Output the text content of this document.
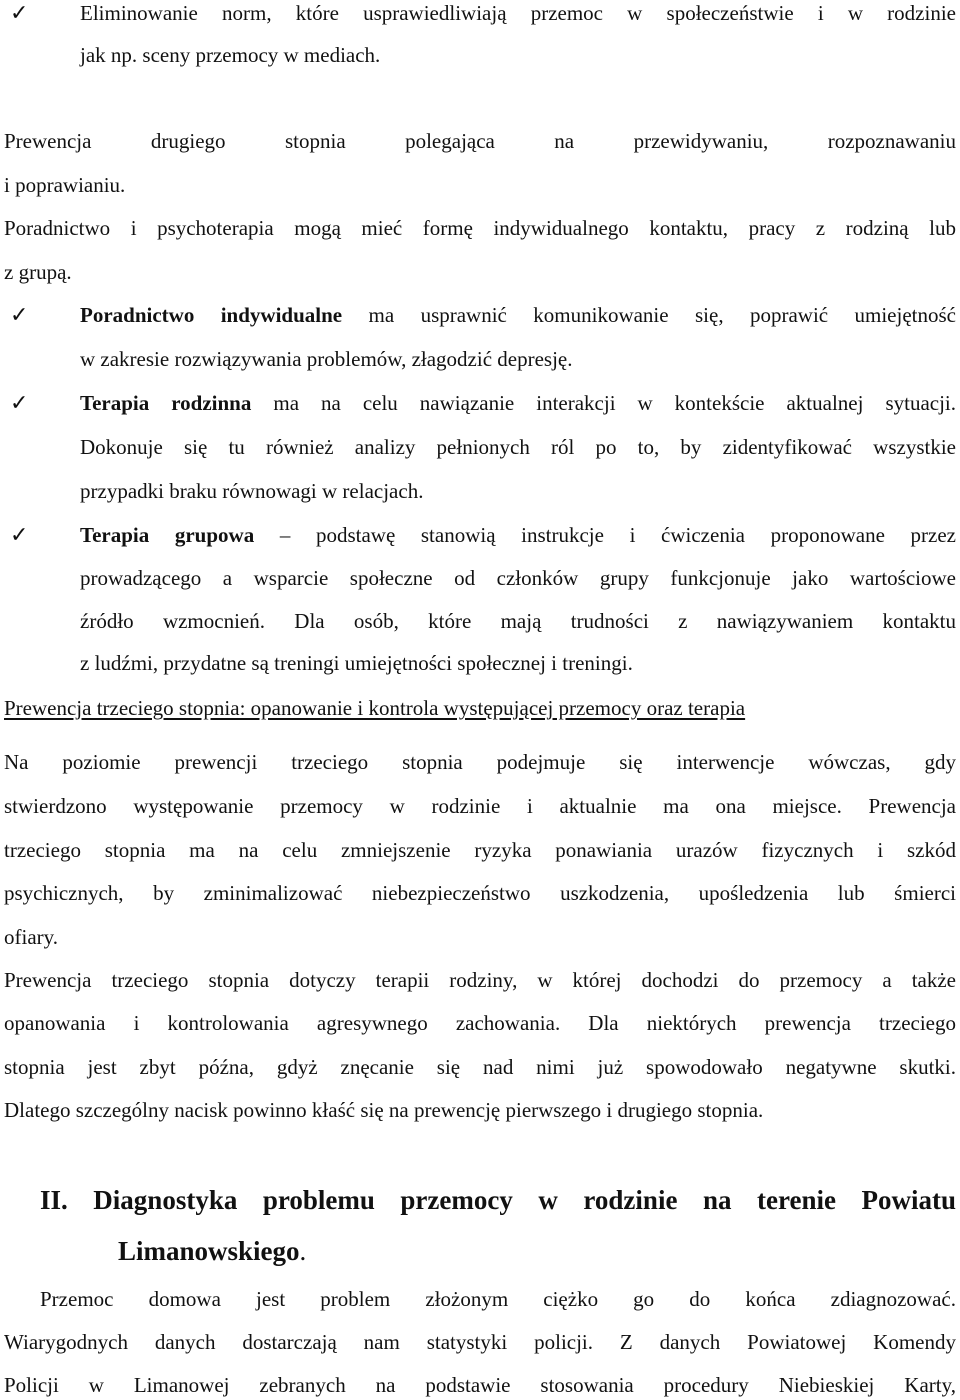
✓ Eliminowanie norm, które usprawiedliwiają przemoc w społeczeństwie i w rodzinie
jak np. sceny przemocy w mediach.
Prewencja drugiego stopnia polegająca na przewidywaniu, rozpoznawaniu
i poprawianiu.
Poradnictwo i psychoterapia mogą mieć formę indywidualnego kontaktu, pracy z rodziną lub
z grupą.
✓ Poradnictwo indywidualne ma usprawnić komunikowanie się, poprawić umiejętność
w zakresie rozwiązywania problemów, złagodzić depresję.
✓ Terapia rodzinna ma na celu nawiązanie interakcji w kontekście aktualnej sytuacji.
Dokonuje się tu również analizy pełnionych ról po to, by zidentyfikować wszystkie
przypadki braku równowagi w relacjach.
✓ Terapia grupowa – podstawę stanowią instrukcje i ćwiczenia proponowane przez
prowadzącego a wsparcie społeczne od członków grupy funkcjonuje jako wartościowe
źródło wzmocnień. Dla osób, które mają trudności z nawiązywaniem kontaktu
z ludźmi, przydatne są treningi umiejętności społecznej i treningi.
Prewencja trzeciego stopnia: opanowanie i kontrola występującej przemocy oraz terapia
Na poziomie prewencji trzeciego stopnia podejmuje się interwencje wówczas, gdy
stwierdzono występowanie przemocy w rodzinie i aktualnie ma ona miejsce. Prewencja
trzeciego stopnia ma na celu zmniejszenie ryzyka ponawiania urazów fizycznych i szkód
psychicznych, by zminimalizować niebezpieczeństwo uszkodzenia, upośledzenia lub śmierci
ofiary.
Prewencja trzeciego stopnia dotyczy terapii rodziny, w której dochodzi do przemocy a także
opanowania i kontrolowania agresywnego zachowania. Dla niektórych prewencja trzeciego
stopnia jest zbyt późna, gdyż znęcanie się nad nimi już spowodowało negatywne skutki.
Dlatego szczególny nacisk powinno kłaść się na prewencję pierwszego i drugiego stopnia.
II. Diagnostyka problemu przemocy w rodzinie na terenie Powiatu
Limanowskiego.
Przemoc domowa jest problem złożonym ciężko go do końca zdiagnozować.
Wiarygodnych danych dostarczają nam statystyki policji. Z danych Powiatowej Komendy
Policji w Limanowej zebranych na podstawie stosowania procedury Niebieskiej Karty,
